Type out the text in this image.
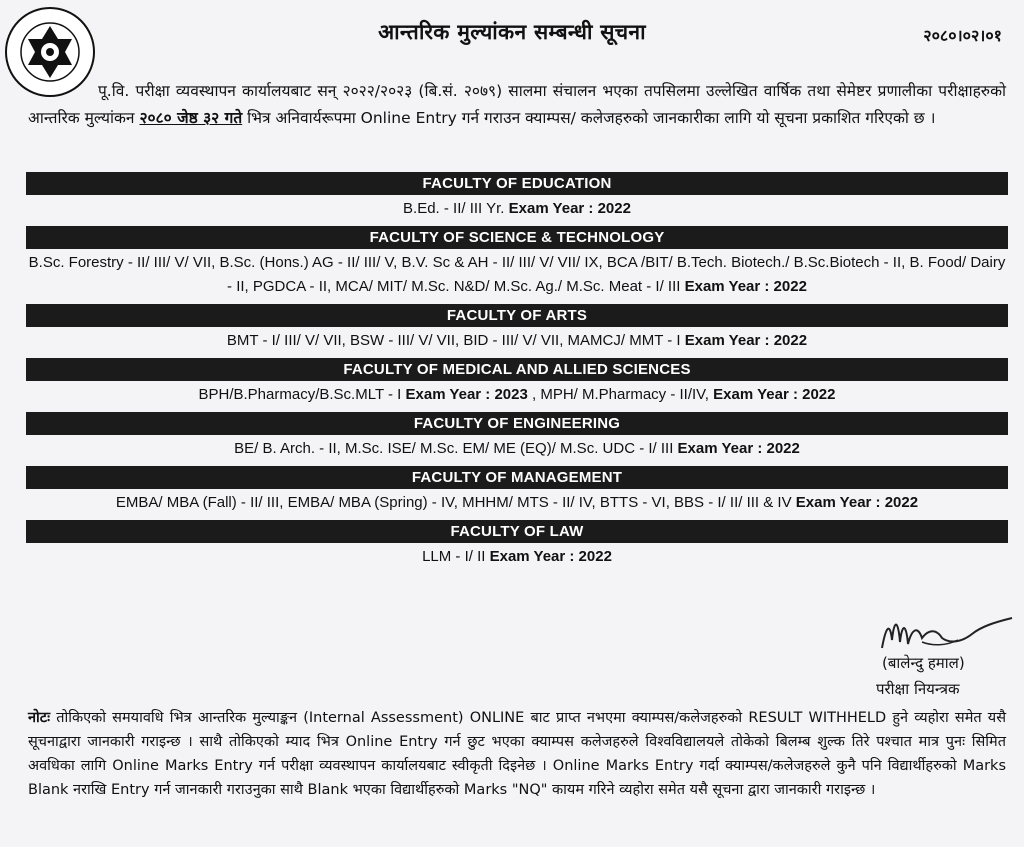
आन्तरिक मुल्यांकन सम्बन्धी सूचना	२०८०।०२।०१

पू.वि. परीक्षा व्यवस्थापन कार्यालयबाट सन् २०२२/२०२३ (बि.सं. २०७९) सालमा संचालन भएका तपसिलमा उल्लेखित वार्षिक तथा सेमेष्टर प्रणालीका परीक्षाहरुको आन्तरिक मुल्यांकन २०८० जेष्ठ ३२ गते भित्र अनिवार्यरूपमा Online Entry गर्न गराउन क्याम्पस/ कलेजहरुको जानकारीका लागि यो सूचना प्रकाशित गरिएको छ ।

FACULTY OF EDUCATION
B.Ed. - II/ III Yr. Exam Year : 2022
FACULTY OF SCIENCE & TECHNOLOGY
B.Sc. Forestry - II/ III/ V/ VII, B.Sc. (Hons.) AG - II/ III/ V, B.V. Sc & AH - II/ III/ V/ VII/ IX, BCA /BIT/ B.Tech. Biotech./ B.Sc.Biotech - II, B. Food/ Dairy - II, PGDCA - II, MCA/ MIT/ M.Sc. N&D/ M.Sc. Ag./ M.Sc. Meat - I/ III Exam Year : 2022
FACULTY OF ARTS
BMT - I/ III/ V/ VII, BSW - III/ V/ VII, BID - III/ V/ VII, MAMCJ/ MMT - I Exam Year : 2022
FACULTY OF MEDICAL AND ALLIED SCIENCES
BPH/B.Pharmacy/B.Sc.MLT - I Exam Year : 2023 , MPH/ M.Pharmacy - II/IV, Exam Year : 2022
FACULTY OF ENGINEERING
BE/ B. Arch. - II, M.Sc. ISE/ M.Sc. EM/ ME (EQ)/ M.Sc. UDC - I/ III Exam Year : 2022
FACULTY OF MANAGEMENT
EMBA/ MBA (Fall) - II/ III, EMBA/ MBA (Spring) - IV, MHHM/ MTS - II/ IV, BTTS - VI, BBS - I/ II/ III & IV Exam Year : 2022
FACULTY OF LAW
LLM - I/ II Exam Year : 2022
(बालेन्दु हमाल)
परीक्षा नियन्त्रक

नोटः तोकिएको समयावधि भित्र आन्तरिक मुल्याङ्कन (Internal Assessment) ONLINE बाट प्राप्त नभएमा क्याम्पस/कलेजहरुको RESULT WITHHELD हुने व्यहोरा समेत यसै सूचनाद्वारा जानकारी गराइन्छ । साथै तोकिएको म्याद भित्र Online Entry गर्न छुट भएका क्याम्पस कलेजहरुले विश्वविद्यालयले तोकेको बिलम्ब शुल्क तिरे पश्चात मात्र पुनः सिमित अवधिका लागि Online Marks Entry गर्न परीक्षा व्यवस्थापन कार्यालयबाट स्वीकृती दिइनेछ । Online Marks Entry गर्दा क्याम्पस/कलेजहरुले कुनै पनि विद्यार्थीहरुको Marks Blank नराखि Entry गर्न जानकारी गराउनुका साथै Blank भएका विद्यार्थीहरुको Marks "NQ" कायम गरिने व्यहोरा समेत यसै सूचना द्वारा जानकारी गराइन्छ ।
